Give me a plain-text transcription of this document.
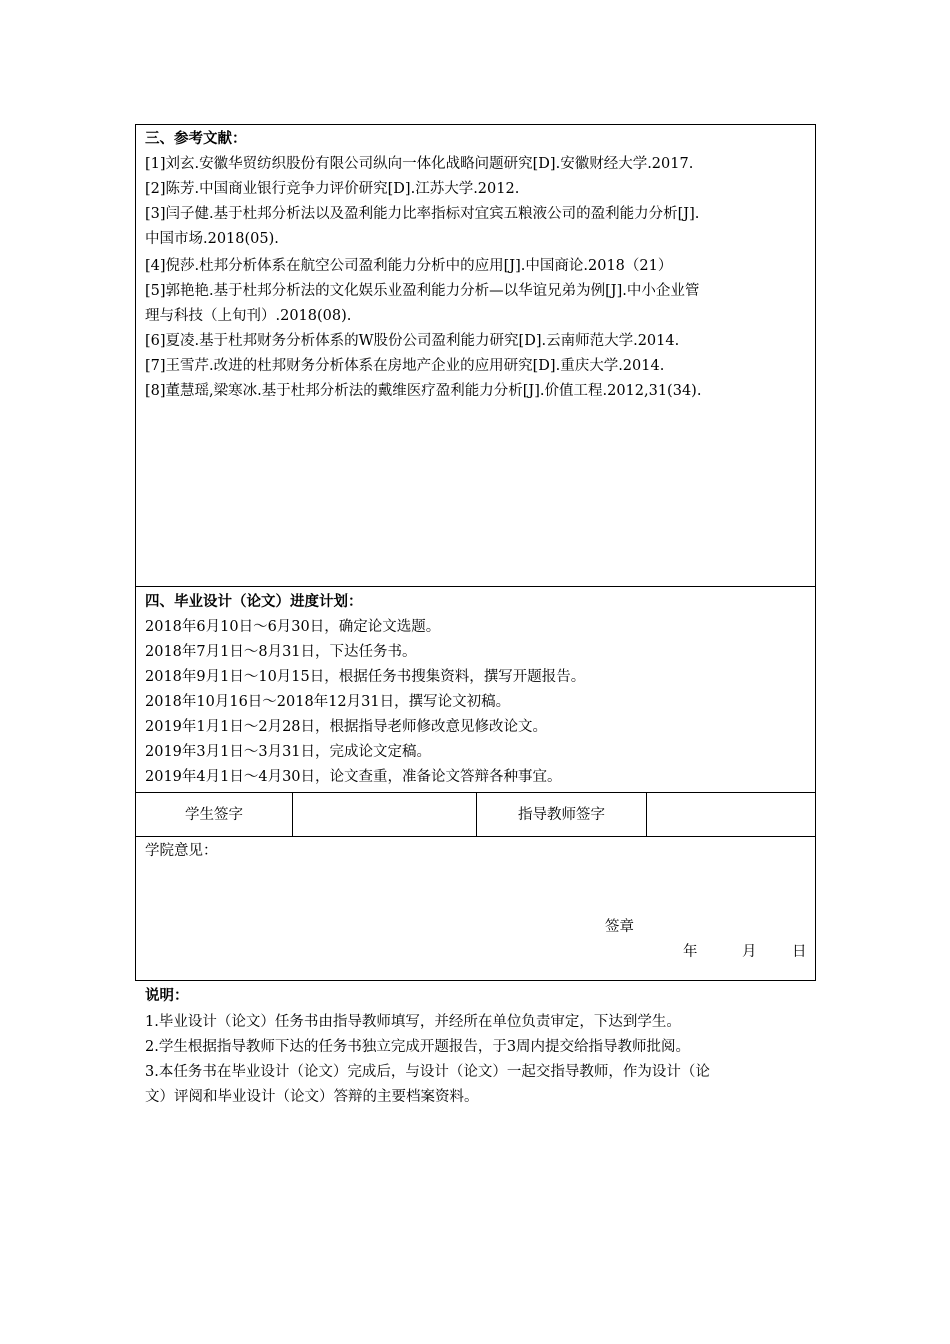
三、参考文献：
[1]刘玄.安徽华贸纺织股份有限公司纵向一体化战略问题研究[D].安徽财经大学.2017.
[2]陈芳.中国商业银行竞争力评价研究[D].江苏大学.2012.
[3]闫子健.基于杜邦分析法以及盈利能力比率指标对宜宾五粮液公司的盈利能力分析[J].
中国市场.2018(05).
[4]倪莎.杜邦分析体系在航空公司盈利能力分析中的应用[J].中国商论.2018（21）
[5]郭艳艳.基于杜邦分析法的文化娱乐业盈利能力分析—以华谊兄弟为例[J].中小企业管
理与科技（上旬刊）.2018(08).
[6]夏凌.基于杜邦财务分析体系的W股份公司盈利能力研究[D].云南师范大学.2014.
[7]王雪芹.改进的杜邦财务分析体系在房地产企业的应用研究[D].重庆大学.2014.
[8]董慧瑶,梁寒冰.基于杜邦分析法的戴维医疗盈利能力分析[J].价值工程.2012,31(34).
四、毕业设计（论文）进度计划：
2018年6月10日～6月30日，确定论文选题。
2018年7月1日～8月31日，下达任务书。
2018年9月1日～10月15日，根据任务书搜集资料，撰写开题报告。
2018年10月16日～2018年12月31日，撰写论文初稿。
2019年1月1日～2月28日，根据指导老师修改意见修改论文。
2019年3月1日～3月31日，完成论文定稿。
2019年4月1日～4月30日，论文查重，准备论文答辩各种事宜。
学生签字	指导教师签字
学院意见：
签章
年	月 日
说明：
1.毕业设计（论文）任务书由指导教师填写，并经所在单位负责审定，下达到学生。
2.学生根据指导教师下达的任务书独立完成开题报告，于3周内提交给指导教师批阅。
3.本任务书在毕业设计（论文）完成后，与设计（论文）一起交指导教师，作为设计（论
文）评阅和毕业设计（论文）答辩的主要档案资料。
